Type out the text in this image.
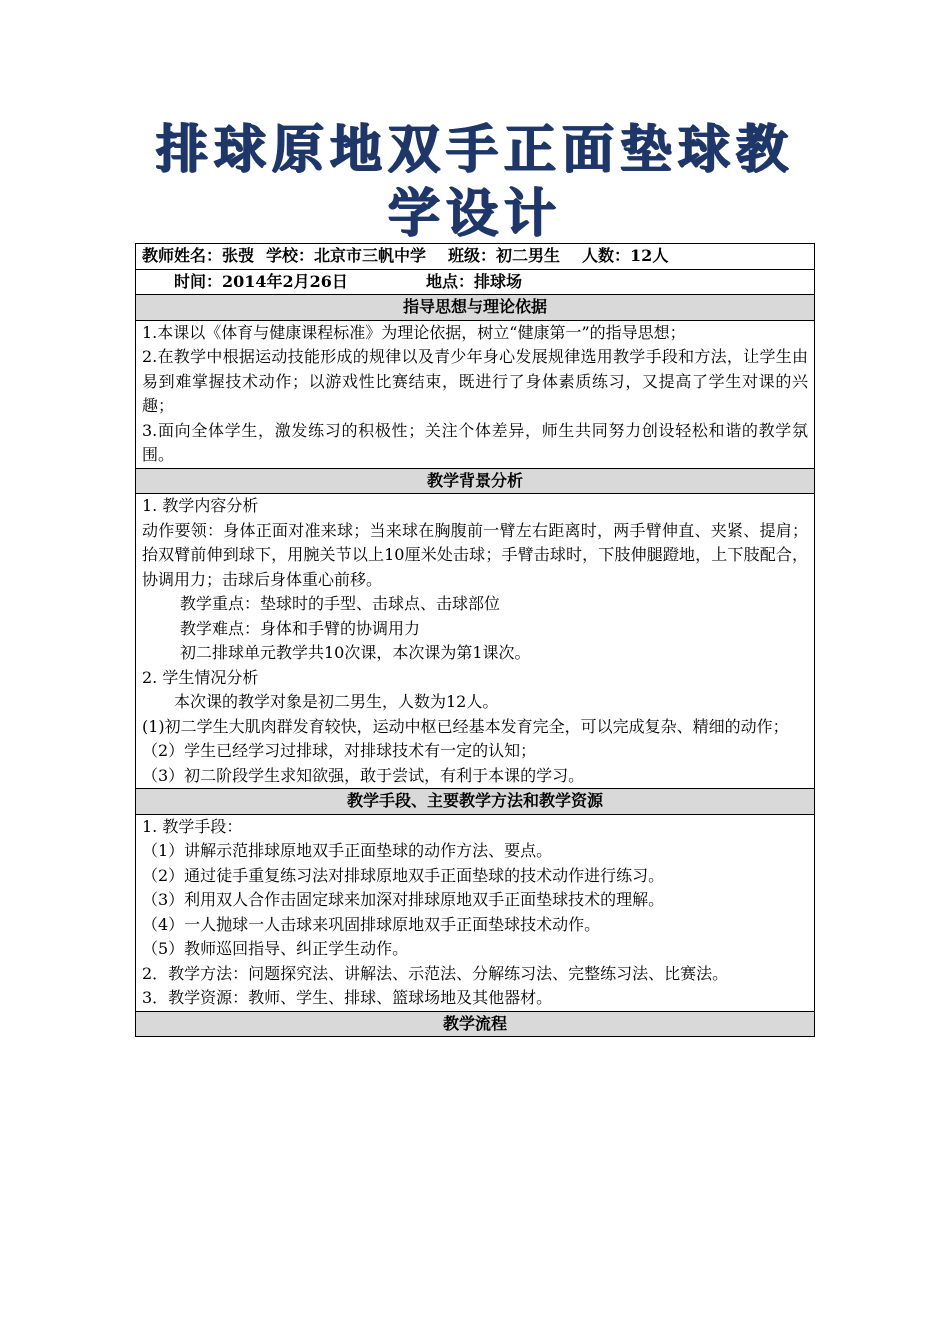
排球原地双手正面垫球教
学设计
教师姓名：张弢 学校：北京市三帆中学 班级：初二男生 人数：12人
时间：2014年2月26日	地点：排球场
指导思想与理论依据

1.本课以《体育与健康课程标准》为理论依据，树立“健康第一”的指导思想；
2.在教学中根据运动技能形成的规律以及青少年身心发展规律选用教学手段和方法，让学生由易到难掌握技术动作；以游戏性比赛结束，既进行了身体素质练习，又提高了学生对课的兴趣；
3.面向全体学生，激发练习的积极性；关注个体差异，师生共同努力创设轻松和谐的教学氛围。

教学背景分析

1. 教学内容分析
动作要领：身体正面对准来球；当来球在胸腹前一臂左右距离时，两手臂伸直、夹紧、提肩；抬双臂前伸到球下，用腕关节以上10厘米处击球；手臂击球时，下肢伸腿蹬地，上下肢配合，协调用力；击球后身体重心前移。
教学重点：垫球时的手型、击球点、击球部位
教学难点：身体和手臂的协调用力
初二排球单元教学共10次课，本次课为第1课次。
2. 学生情况分析
本次课的教学对象是初二男生，人数为12人。
(1)初二学生大肌肉群发育较快，运动中枢已经基本发育完全，可以完成复杂、精细的动作；
（2）学生已经学习过排球，对排球技术有一定的认知；
（3）初二阶段学生求知欲强，敢于尝试，有利于本课的学习。

教学手段、主要教学方法和教学资源

1. 教学手段：
（1）讲解示范排球原地双手正面垫球的动作方法、要点。
（2）通过徒手重复练习法对排球原地双手正面垫球的技术动作进行练习。
（3）利用双人合作击固定球来加深对排球原地双手正面垫球技术的理解。
（4）一人抛球一人击球来巩固排球原地双手正面垫球技术动作。
（5）教师巡回指导、纠正学生动作。
2．教学方法：问题探究法、讲解法、示范法、分解练习法、完整练习法、比赛法。
3．教学资源：教师、学生、排球、篮球场地及其他器材。

教学流程
